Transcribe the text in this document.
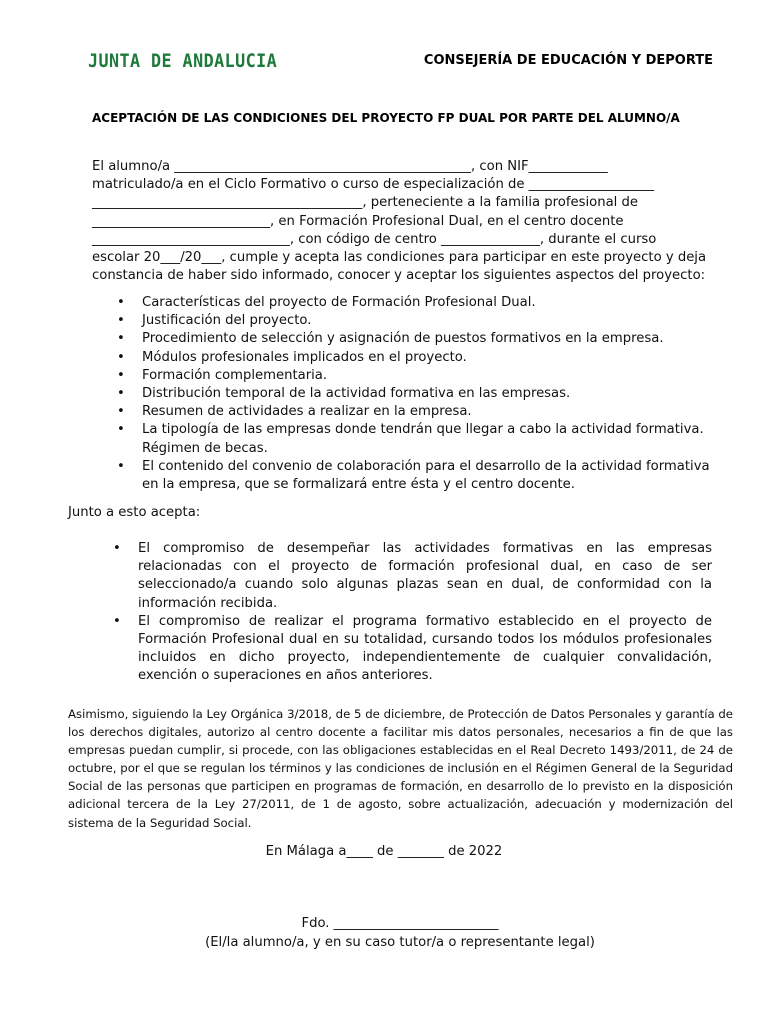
JUNTA DE ANDALUCIA	CONSEJERÍA DE EDUCACIÓN Y DEPORTE
ACEPTACIÓN DE LAS CONDICIONES DEL PROYECTO FP DUAL POR PARTE DEL ALUMNO/A

El alumno/a _____________________________________________, con NIF____________
matriculado/a en el Ciclo Formativo o curso de especialización de ___________________
_________________________________________, perteneciente a la familia profesional de
___________________________, en Formación Profesional Dual, en el centro docente
______________________________, con código de centro _______________, durante el curso
escolar 20___/20___, cumple y acepta las condiciones para participar en este proyecto y deja
constancia de haber sido informado, conocer y aceptar los siguientes aspectos del proyecto:

• Características del proyecto de Formación Profesional Dual.
• Justificación del proyecto.
• Procedimiento de selección y asignación de puestos formativos en la empresa.
• Módulos profesionales implicados en el proyecto.
• Formación complementaria.
• Distribución temporal de la actividad formativa en las empresas.
• Resumen de actividades a realizar en la empresa.
• La tipología de las empresas donde tendrán que llegar a cabo la actividad formativa. Régimen de becas.
• El contenido del convenio de colaboración para el desarrollo de la actividad formativa en la empresa, que se formalizará entre ésta y el centro docente.

Junto a esto acepta:

• El compromiso de desempeñar las actividades formativas en las empresas relacionadas con el proyecto de formación profesional dual, en caso de ser seleccionado/a cuando solo algunas plazas sean en dual, de conformidad con la información recibida.
• El compromiso de realizar el programa formativo establecido en el proyecto de Formación Profesional dual en su totalidad, cursando todos los módulos profesionales incluidos en dicho proyecto, independientemente de cualquier convalidación, exención o superaciones en años anteriores.

Asimismo, siguiendo la Ley Orgánica 3/2018, de 5 de diciembre, de Protección de Datos Personales y garantía de los derechos digitales, autorizo al centro docente a facilitar mis datos personales, necesarios a fin de que las empresas puedan cumplir, si procede, con las obligaciones establecidas en el Real Decreto 1493/2011, de 24 de octubre, por el que se regulan los términos y las condiciones de inclusión en el Régimen General de la Seguridad Social de las personas que participen en programas de formación, en desarrollo de lo previsto en la disposición adicional tercera de la Ley 27/2011, de 1 de agosto, sobre actualización, adecuación y modernización del sistema de la Seguridad Social.

En Málaga a____ de _______ de 2022

Fdo. _________________________

(El/la alumno/a, y en su caso tutor/a o representante legal)
